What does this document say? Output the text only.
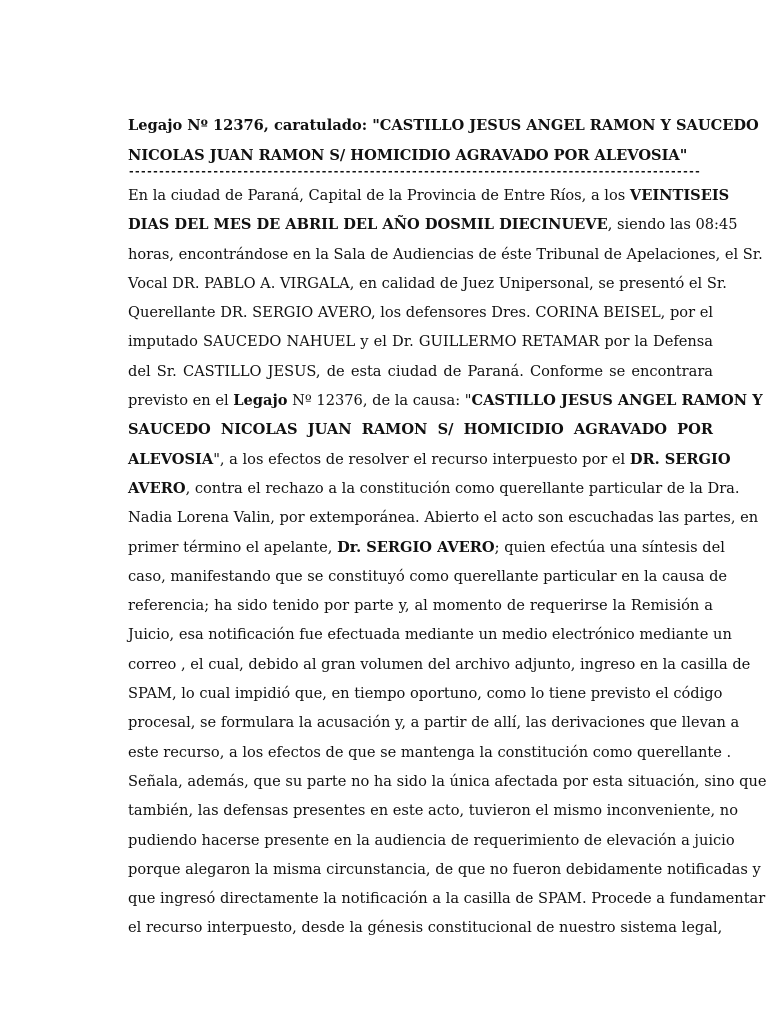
Legajo Nº 12376, caratulado: "CASTILLO JESUS ANGEL RAMON Y SAUCEDO

NICOLAS JUAN RAMON S/ HOMICIDIO AGRAVADO POR ALEVOSIA"

-----------------------------------------------------------------------------------------------

En la ciudad de Paraná, Capital de la Provincia de Entre Ríos, a los VEINTISEIS

DIAS DEL MES DE ABRIL DEL AÑO DOSMIL DIECINUEVE, siendo las 08:45

horas, encontrándose en la Sala de Audiencias de éste Tribunal de Apelaciones, el Sr.

Vocal DR. PABLO A. VIRGALA, en calidad de Juez Unipersonal, se presentó el Sr.

Querellante DR. SERGIO AVERO, los defensores Dres. CORINA BEISEL, por el

imputado SAUCEDO NAHUEL y el Dr. GUILLERMO RETAMAR por la Defensa

del Sr. CASTILLO JESUS, de esta ciudad de Paraná. Conforme se encontrara

previsto en el Legajo Nº 12376, de la causa: "CASTILLO JESUS ANGEL RAMON Y

SAUCEDO NICOLAS JUAN RAMON S/ HOMICIDIO AGRAVADO POR

ALEVOSIA", a los efectos de resolver el recurso interpuesto por el DR. SERGIO

AVERO, contra el rechazo a la constitución como querellante particular de la Dra.

Nadia Lorena Valin, por extemporánea. Abierto el acto son escuchadas las partes, en

primer término el apelante, Dr. SERGIO AVERO; quien efectúa una síntesis del

caso, manifestando que se constituyó como querellante particular en la causa de

referencia; ha sido tenido por parte y, al momento de requerirse la Remisión a

Juicio, esa notificación fue efectuada mediante un medio electrónico mediante un

correo , el cual, debido al gran volumen del archivo adjunto, ingreso en la casilla de

SPAM, lo cual impidió que, en tiempo oportuno, como lo tiene previsto el código

procesal, se formulara la acusación y, a partir de allí, las derivaciones que llevan a

este recurso, a los efectos de que se mantenga la constitución como querellante .

Señala, además, que su parte no ha sido la única afectada por esta situación, sino que

también, las defensas presentes en este acto, tuvieron el mismo inconveniente, no

pudiendo hacerse presente en la audiencia de requerimiento de elevación a juicio

porque alegaron la misma circunstancia, de que no fueron debidamente notificadas y

que ingresó directamente la notificación a la casilla de SPAM. Procede a fundamentar

el recurso interpuesto, desde la génesis constitucional de nuestro sistema legal,
